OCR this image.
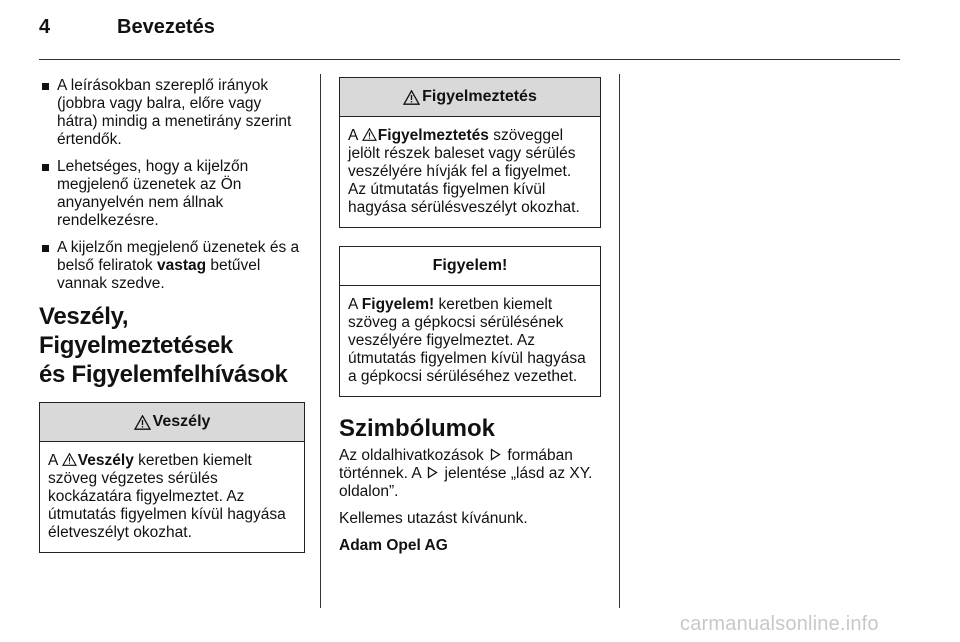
4	Bevezetés
A leírásokban szereplő irányok (jobbra vagy balra, előre vagy hátra) mindig a menetirány szerint értendők.
Lehetséges, hogy a kijelzőn megjelenő üzenetek az Ön anyanyelvén nem állnak rendelkezésre.
A kijelzőn megjelenő üzenetek és a belső feliratok vastag betűvel vannak szedve.
Veszély, Figyelmeztetések
és Figyelemfelhívások
Veszély
A Veszély keretben kiemelt szöveg végzetes sérülés kockázatára figyelmeztet. Az útmutatás figyelmen kívül hagyása életveszélyt okozhat.
Figyelmeztetés
A Figyelmeztetés szöveggel jelölt részek baleset vagy sérülés veszélyére hívják fel a figyelmet. Az útmutatás figyelmen kívül hagyása sérülésveszélyt okozhat.
Figyelem!
A Figyelem! keretben kiemelt szöveg a gépkocsi sérülésének veszélyére figyelmeztet. Az útmutatás figyelmen kívül hagyása a gépkocsi sérüléséhez vezethet.
Szimbólumok

Az oldalhivatkozások  formában történnek. A  jelentése „lásd az XY. oldalon”.

Kellemes utazást kívánunk.

Adam Opel AG

carmanualsonline.info
